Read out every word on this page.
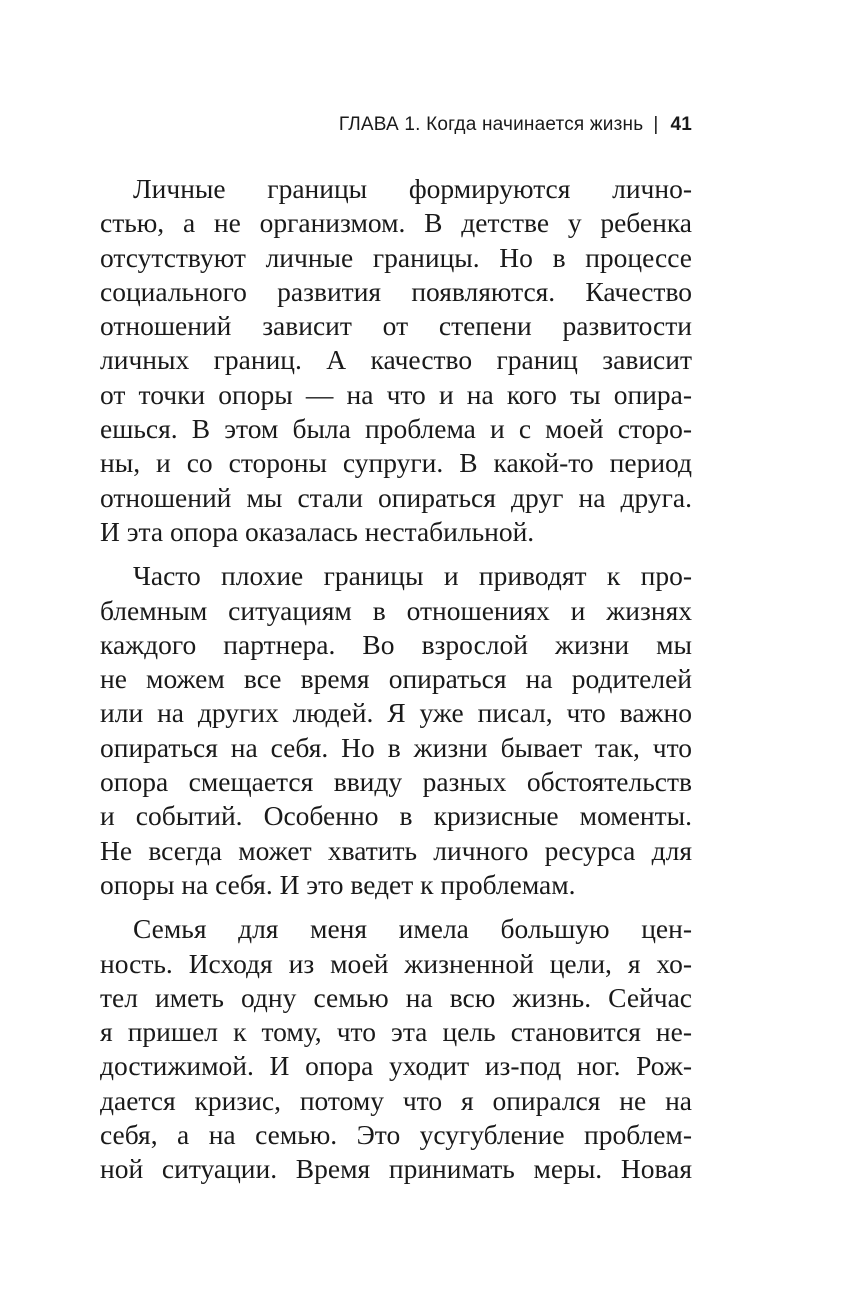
ГЛАВА 1. Когда начинается жизнь | 41

Личные границы формируются лично-
стью, а не организмом. В детстве у ребенка
отсутствуют личные границы. Но в процессе
социального развития появляются. Качество
отношений зависит от степени развитости
личных границ. А качество границ зависит
от точки опоры — на что и на кого ты опира-
ешься. В этом была проблема и с моей сторо-
ны, и со стороны супруги. В какой-то период
отношений мы стали опираться друг на друга.
И эта опора оказалась нестабильной.

Часто плохие границы и приводят к про-
блемным ситуациям в отношениях и жизнях
каждого партнера. Во взрослой жизни мы
не можем все время опираться на родителей
или на других людей. Я уже писал, что важно
опираться на себя. Но в жизни бывает так, что
опора смещается ввиду разных обстоятельств
и событий. Особенно в кризисные моменты.
Не всегда может хватить личного ресурса для
опоры на себя. И это ведет к проблемам.

Семья для меня имела большую цен-
ность. Исходя из моей жизненной цели, я хо-
тел иметь одну семью на всю жизнь. Сейчас
я пришел к тому, что эта цель становится не-
достижимой. И опора уходит из-под ног. Рож-
дается кризис, потому что я опирался не на
себя, а на семью. Это усугубление проблем-
ной ситуации. Время принимать меры. Новая
